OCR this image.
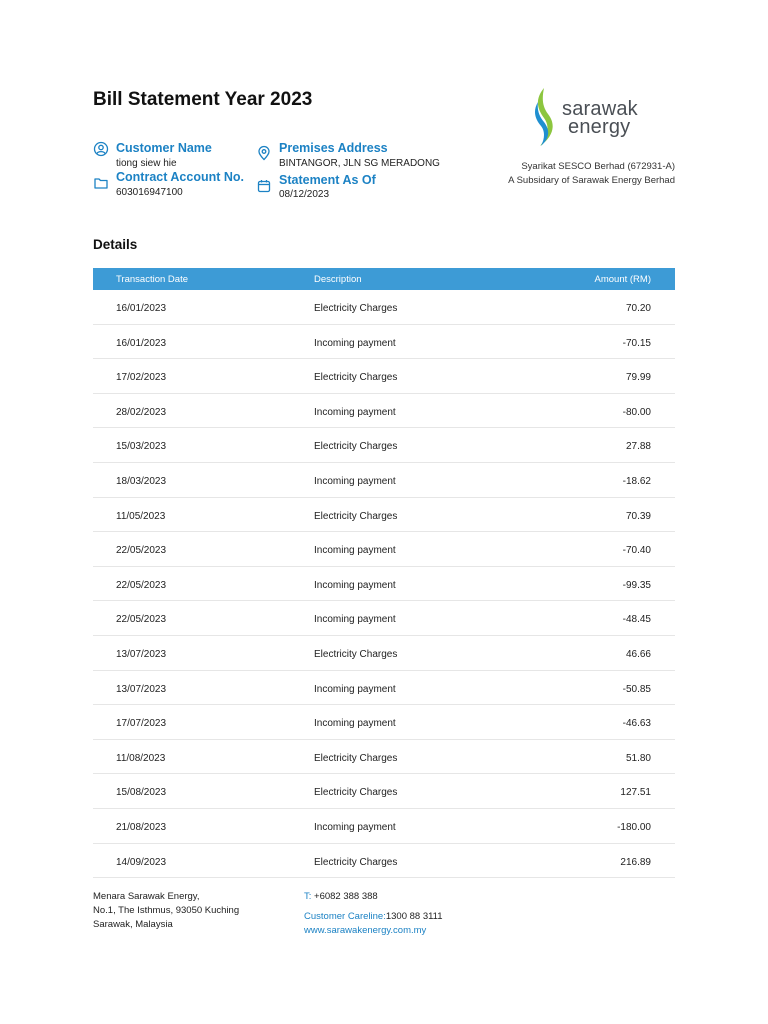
Bill Statement Year 2023
Customer Name
tiong siew hie
Contract Account No.
603016947100
Premises Address
BINTANGOR, JLN SG MERADONG
Statement As Of
08/12/2023
sarawak
energy
Syarikat SESCO Berhad (672931-A)
A Subsidary of Sarawak Energy Berhad
Details
Transaction Date	Description	Amount (RM)
16/01/2023	Electricity Charges	70.20
16/01/2023	Incoming payment	-70.15
17/02/2023	Electricity Charges	79.99
28/02/2023	Incoming payment	-80.00
15/03/2023	Electricity Charges	27.88
18/03/2023	Incoming payment	-18.62
11/05/2023	Electricity Charges	70.39
22/05/2023	Incoming payment	-70.40
22/05/2023	Incoming payment	-99.35
22/05/2023	Incoming payment	-48.45
13/07/2023	Electricity Charges	46.66
13/07/2023	Incoming payment	-50.85
17/07/2023	Incoming payment	-46.63
11/08/2023	Electricity Charges	51.80
15/08/2023	Electricity Charges	127.51
21/08/2023	Incoming payment	-180.00
14/09/2023	Electricity Charges	216.89
Menara Sarawak Energy,
No.1, The Isthmus, 93050 Kuching
Sarawak, Malaysia
T: +6082 388 388
Customer Careline:1300 88 3111
www.sarawakenergy.com.my
